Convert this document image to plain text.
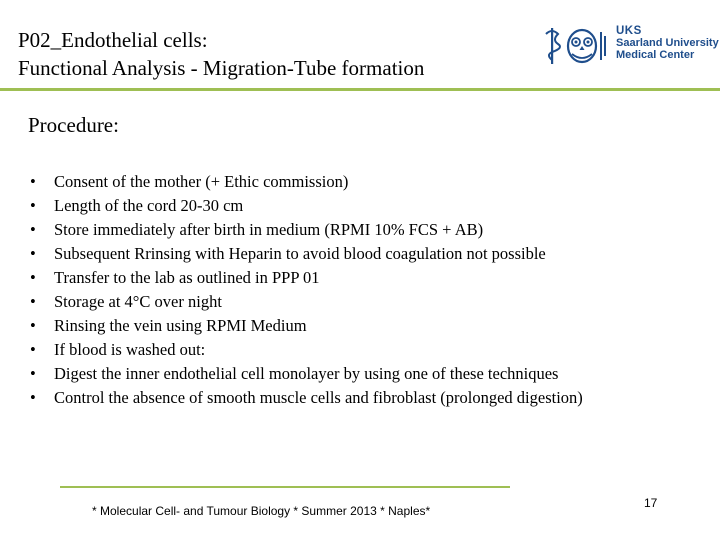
P02_Endothelial cells:
Functional Analysis - Migration-Tube formation
UKS
Saarland University
Medical Center
Procedure:
• Consent of the mother (+ Ethic commission)
• Length of the cord 20-30 cm
• Store immediately after birth in medium (RPMI 10% FCS + AB)
• Subsequent Rrinsing with Heparin to avoid blood coagulation not possible
• Transfer to the lab as outlined in PPP 01
• Storage at 4°C over night
• Rinsing the vein using RPMI Medium
• If blood is washed out:
• Digest the inner endothelial cell monolayer by using one of these techniques
• Control the absence of smooth muscle cells and fibroblast (prolonged digestion)
* Molecular Cell- and Tumour Biology * Summer 2013 * Naples*
17
